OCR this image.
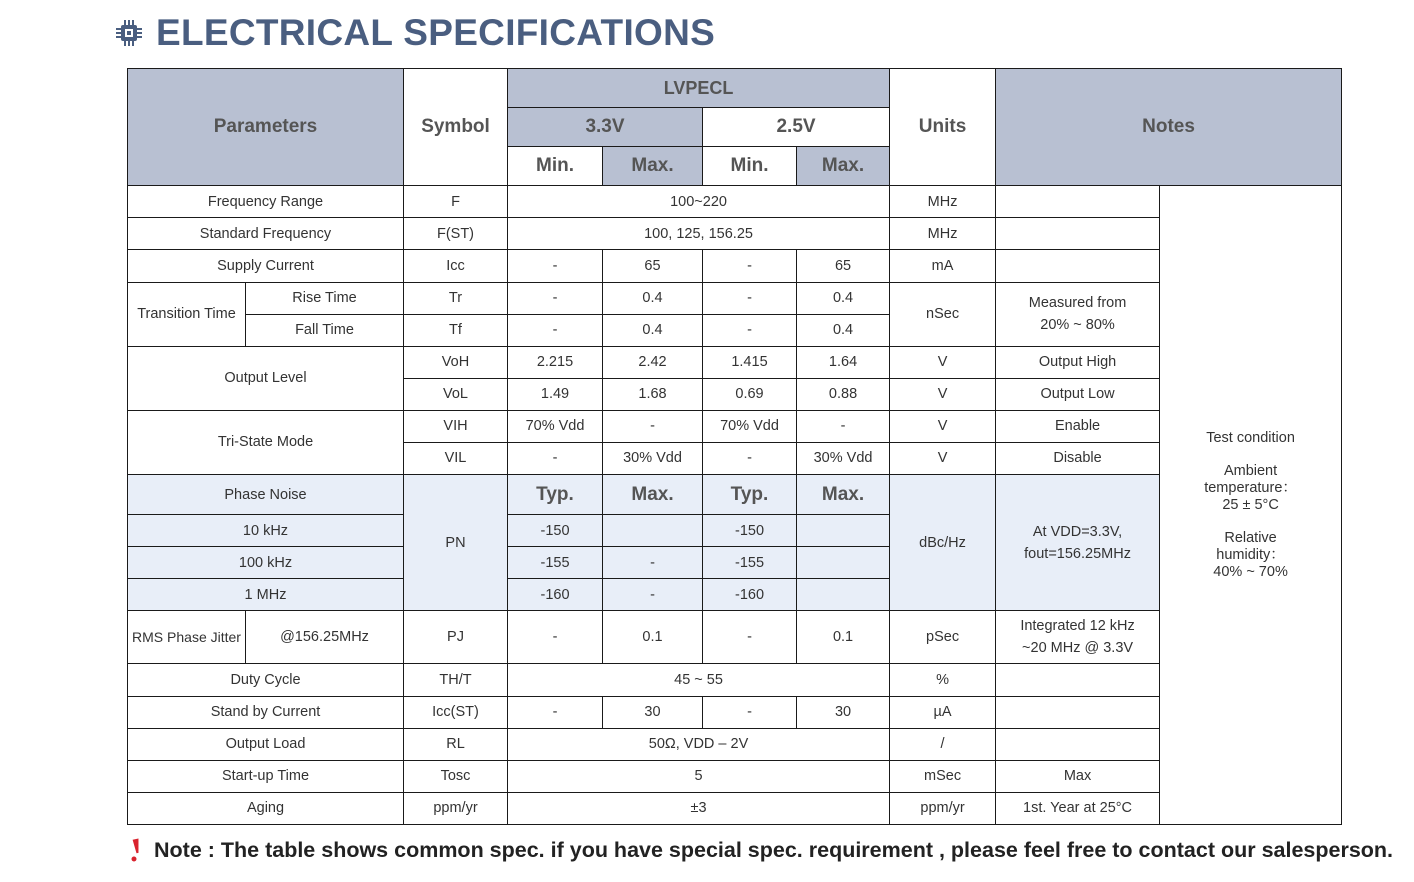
ELECTRICAL SPECIFICATIONS
Parameters		Symbol	LVPECL				Units	Notes	
			3.3V		2.5V				
			Min.	Max.	Min.	Max.			
Frequency Range		F	100~220				MHz		Test condition
Ambient temperature：
25 ± 5°C
Relative humidity：
40% ~ 70%

Standard Frequency		F(ST)	100, 125, 156.25				MHz		
Supply Current		Icc	-	65	-	65	mA		
Transition Time	Rise Time	Tr	-	0.4	-	0.4	nSec	Measured from 20% ~ 80%	
	Fall Time	Tf	-	0.4	-	0.4			
Output Level		VoH	2.215	2.42	1.415	1.64	V	Output High	
		VoL	1.49	1.68	0.69	0.88	V	Output Low	
Tri-State Mode		VIH	70% Vdd	-	70% Vdd	-	V	Enable	
		VIL	-	30% Vdd	-	30% Vdd	V	Disable	
Phase Noise		PN	Typ.	Max.	Typ.	Max.	dBc/Hz	At VDD=3.3V, fout=156.25MHz	
10 kHz			-150		-150				
100 kHz			-155	-	-155				
1 MHz			-160	-	-160				
RMS Phase Jitter	@156.25MHz	PJ	-	0.1	-	0.1	pSec	Integrated 12 kHz ~20 MHz @ 3.3V	
Duty Cycle		TH/T	45 ~ 55				%		
Stand by Current		Icc(ST)	-	30	-	30	µA		
Output Load		RL	50Ω, VDD – 2V				/		
Start-up Time		Tosc	5				mSec	Max	
Aging		ppm/yr	±3				ppm/yr	1st. Year at 25°C	
Note : The table shows common spec. if you have special spec. requirement , please feel free to contact our salesperson.
